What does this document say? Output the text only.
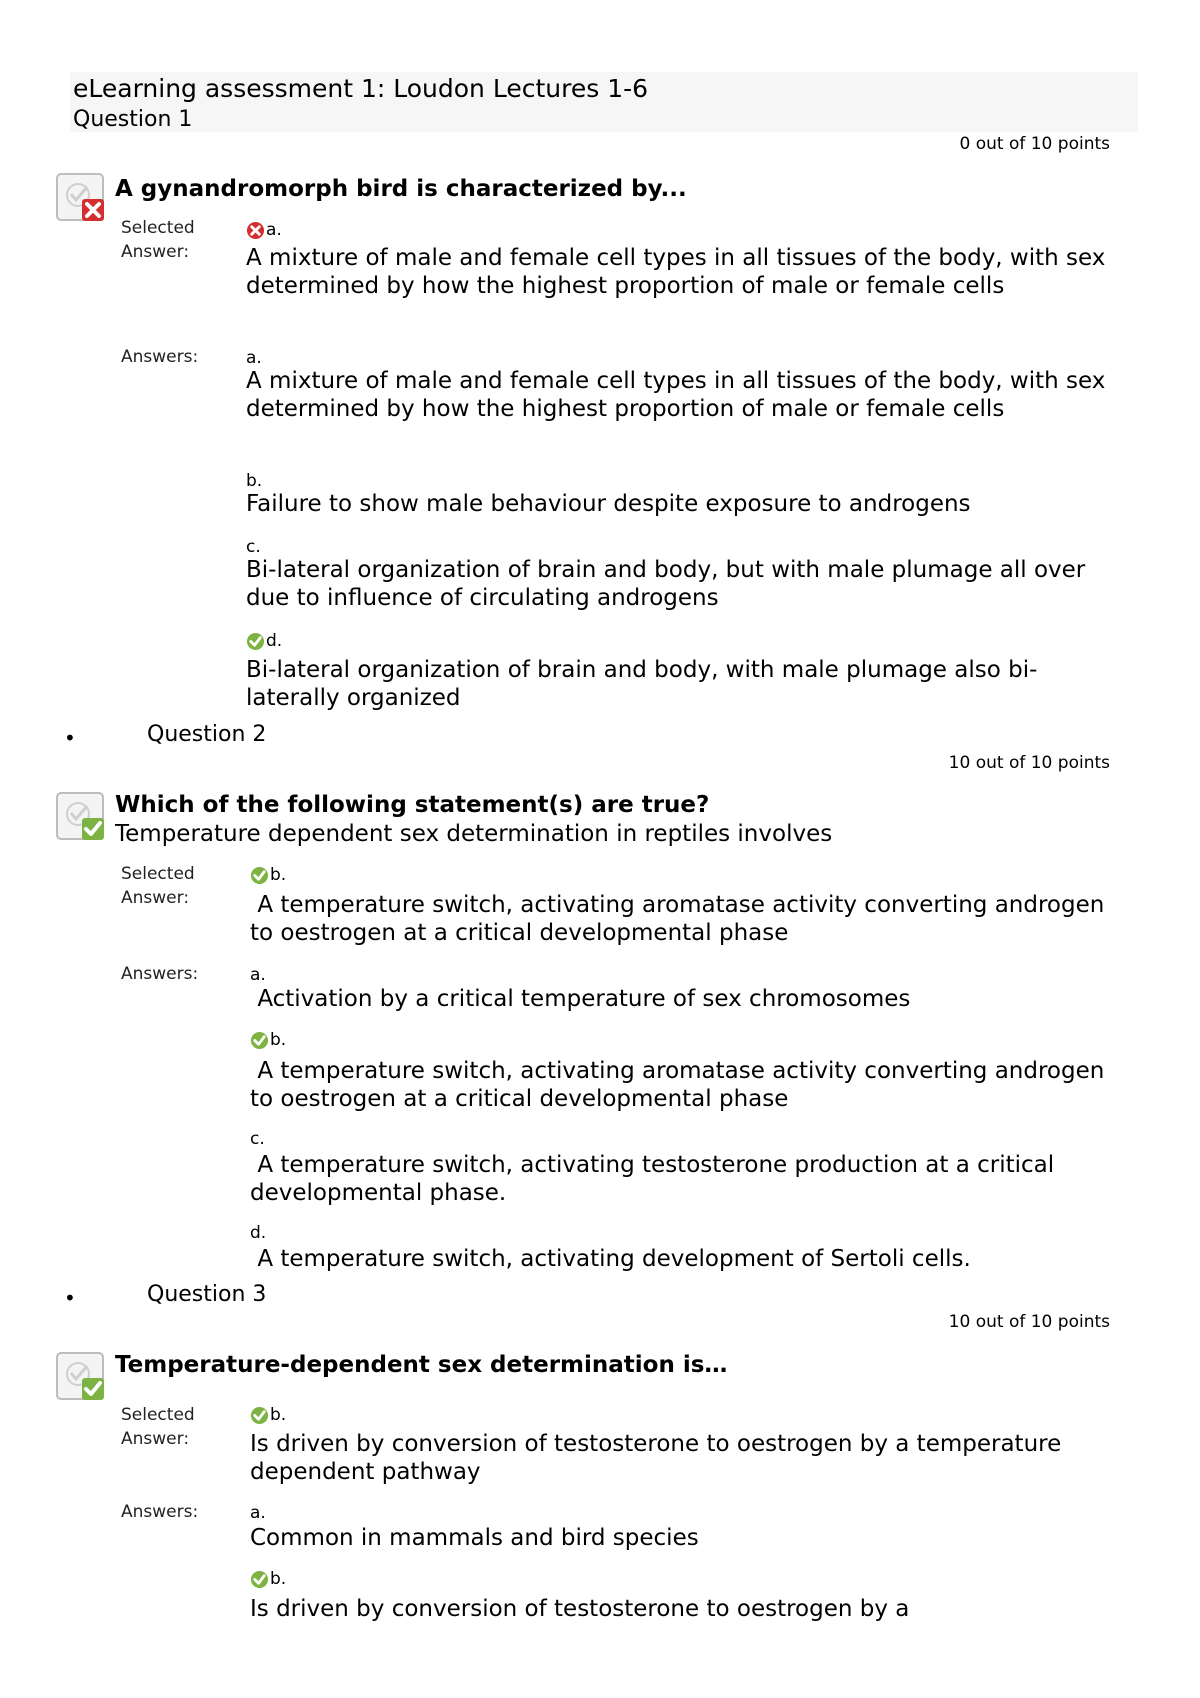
eLearning assessment 1: Loudon Lectures 1-6
Question 1
0 out of 10 points
A gynandromorph bird is characterized by...
Selected Answer:
a.
A mixture of male and female cell types in all tissues of the body, with sex determined by how the highest proportion of male or female cells
Answers:	a.
A mixture of male and female cell types in all tissues of the body, with sex determined by how the highest proportion of male or female cells
b.
Failure to show male behaviour despite exposure to androgens
c.
Bi-lateral organization of brain and body, but with male plumage all over due to influence of circulating androgens
d.
Bi-lateral organization of brain and body, with male plumage also bi-laterally organized
•	Question 2
10 out of 10 points
Which of the following statement(s) are true?
Temperature dependent sex determination in reptiles involves
Selected Answer:
b.
A temperature switch, activating aromatase activity converting androgen to oestrogen at a critical developmental phase
Answers:	a.
Activation by a critical temperature of sex chromosomes
b.
A temperature switch, activating aromatase activity converting androgen to oestrogen at a critical developmental phase
c.
A temperature switch, activating testosterone production at a critical developmental phase.
d.
A temperature switch, activating development of Sertoli cells.
•	Question 3
10 out of 10 points
Temperature-dependent sex determination is…
Selected Answer:
b.
Is driven by conversion of testosterone to oestrogen by a temperature dependent pathway
Answers:	a.
Common in mammals and bird species
b.
Is driven by conversion of testosterone to oestrogen by a
